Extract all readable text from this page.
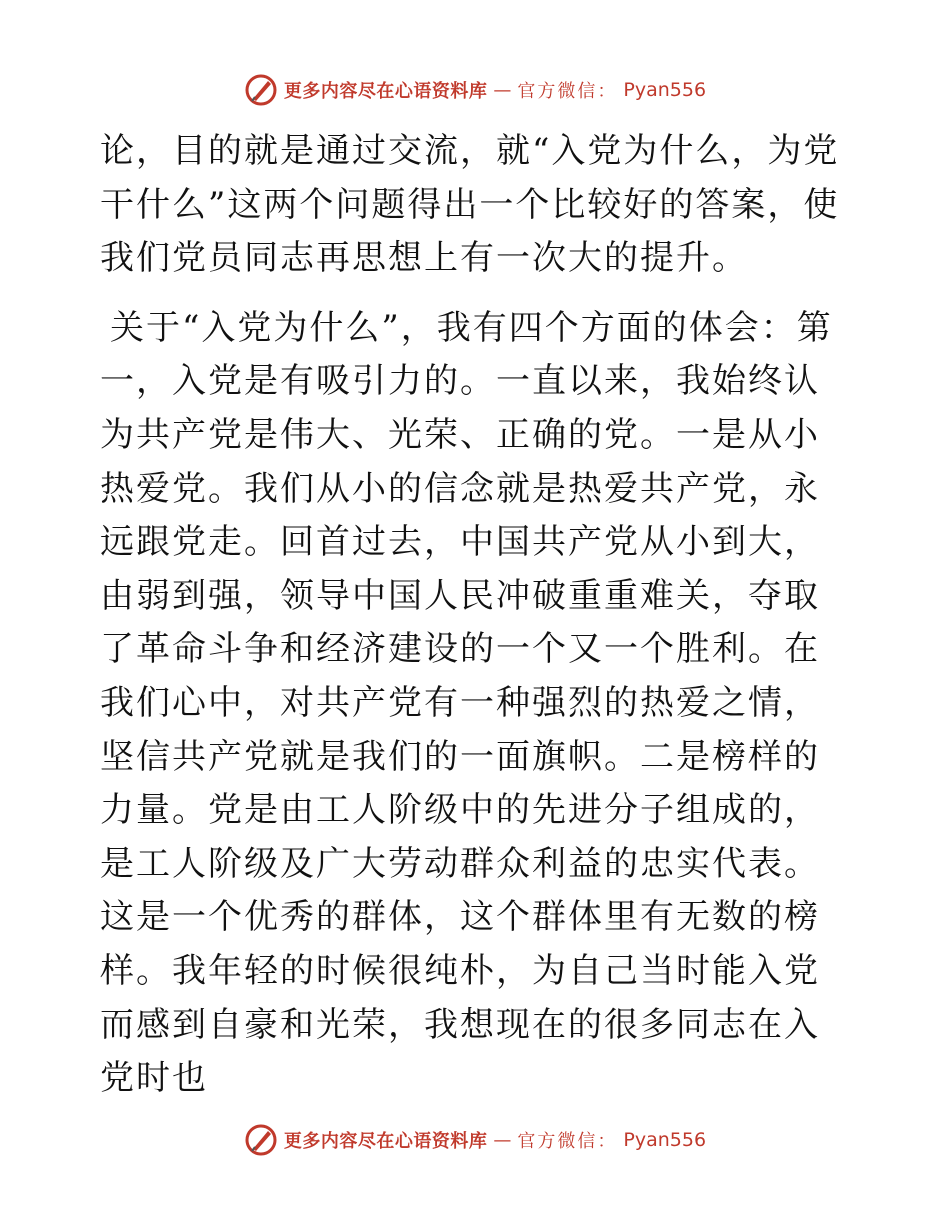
更多内容尽在心语资料库 — 官方微信： Pyan556

论，目的就是通过交流，就“入党为什么，为党干什么”这两个问题得出一个比较好的答案，使我们党员同志再思想上有一次大的提升。

关于“入党为什么”，我有四个方面的体会：第一，入党是有吸引力的。一直以来，我始终认为共产党是伟大、光荣、正确的党。一是从小热爱党。我们从小的信念就是热爱共产党，永远跟党走。回首过去，中国共产党从小到大，由弱到强，领导中国人民冲破重重难关，夺取了革命斗争和经济建设的一个又一个胜利。在我们心中，对共产党有一种强烈的热爱之情，坚信共产党就是我们的一面旗帜。二是榜样的力量。党是由工人阶级中的先进分子组成的，是工人阶级及广大劳动群众利益的忠实代表。这是一个优秀的群体，这个群体里有无数的榜样。我年轻的时候很纯朴，为自己当时能入党而感到自豪和光荣，我想现在的很多同志在入党时也

更多内容尽在心语资料库 — 官方微信： Pyan556
